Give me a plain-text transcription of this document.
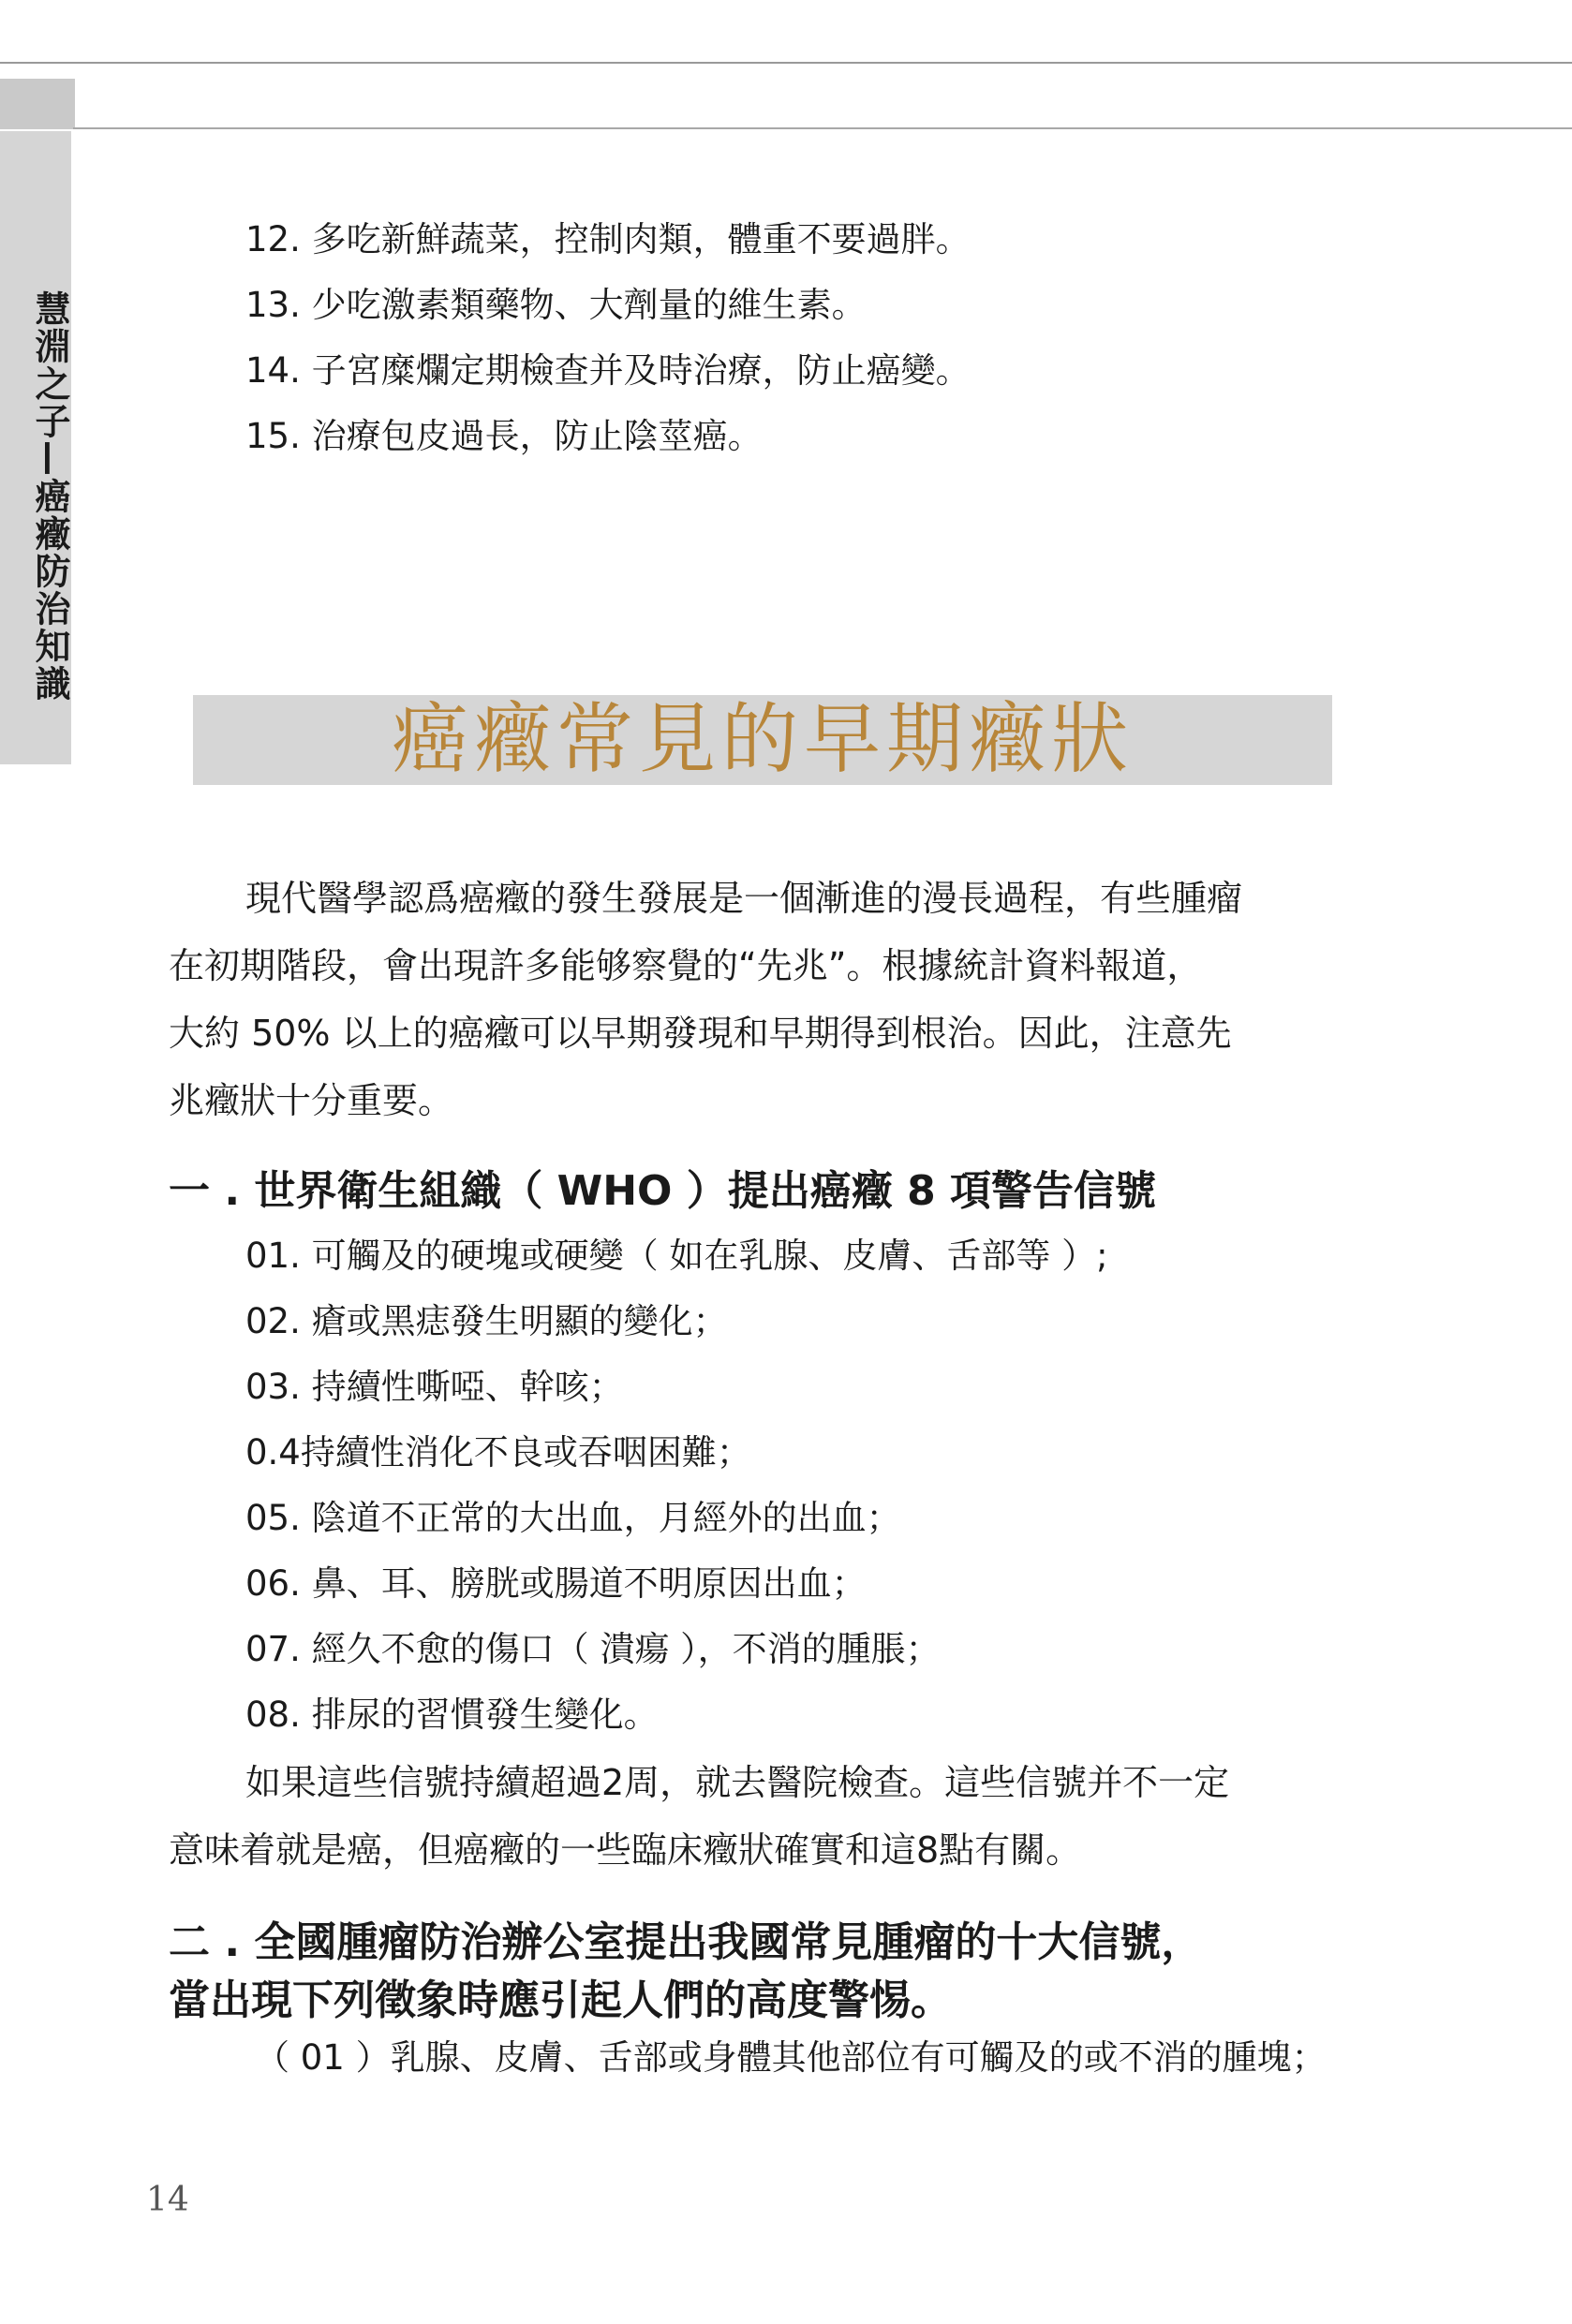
慧淵之子—癌癥防治知識
12. 多吃新鮮蔬菜，控制肉類，體重不要過胖。
13. 少吃激素類藥物、大劑量的維生素。
14. 子宮糜爛定期檢查并及時治療，防止癌變。
15. 治療包皮過長，防止陰莖癌。
癌癥常見的早期癥狀
現代醫學認爲癌癥的發生發展是一個漸進的漫長過程，有些腫瘤
在初期階段，會出現許多能够察覺的“先兆”。根據統計資料報道，
大約 50% 以上的癌癥可以早期發現和早期得到根治。因此，注意先
兆癥狀十分重要。
一 . 世界衛生組織（ WHO ）提出癌癥 8 項警告信號
01. 可觸及的硬塊或硬變（ 如在乳腺、皮膚、舌部等 ）;
02. 瘡或黑痣發生明顯的變化；
03. 持續性嘶啞、幹咳；
0.4持續性消化不良或吞咽困難；
05. 陰道不正常的大出血，月經外的出血；
06. 鼻、耳、膀胱或腸道不明原因出血；
07. 經久不愈的傷口（ 潰瘍 ），不消的腫脹；
08. 排尿的習慣發生變化。
如果這些信號持續超過2周，就去醫院檢查。這些信號并不一定
意味着就是癌，但癌癥的一些臨床癥狀確實和這8點有關。
二 . 全國腫瘤防治辦公室提出我國常見腫瘤的十大信號，
當出現下列徵象時應引起人們的高度警惕。
（ 01 ）乳腺、皮膚、舌部或身體其他部位有可觸及的或不消的腫塊；
14
